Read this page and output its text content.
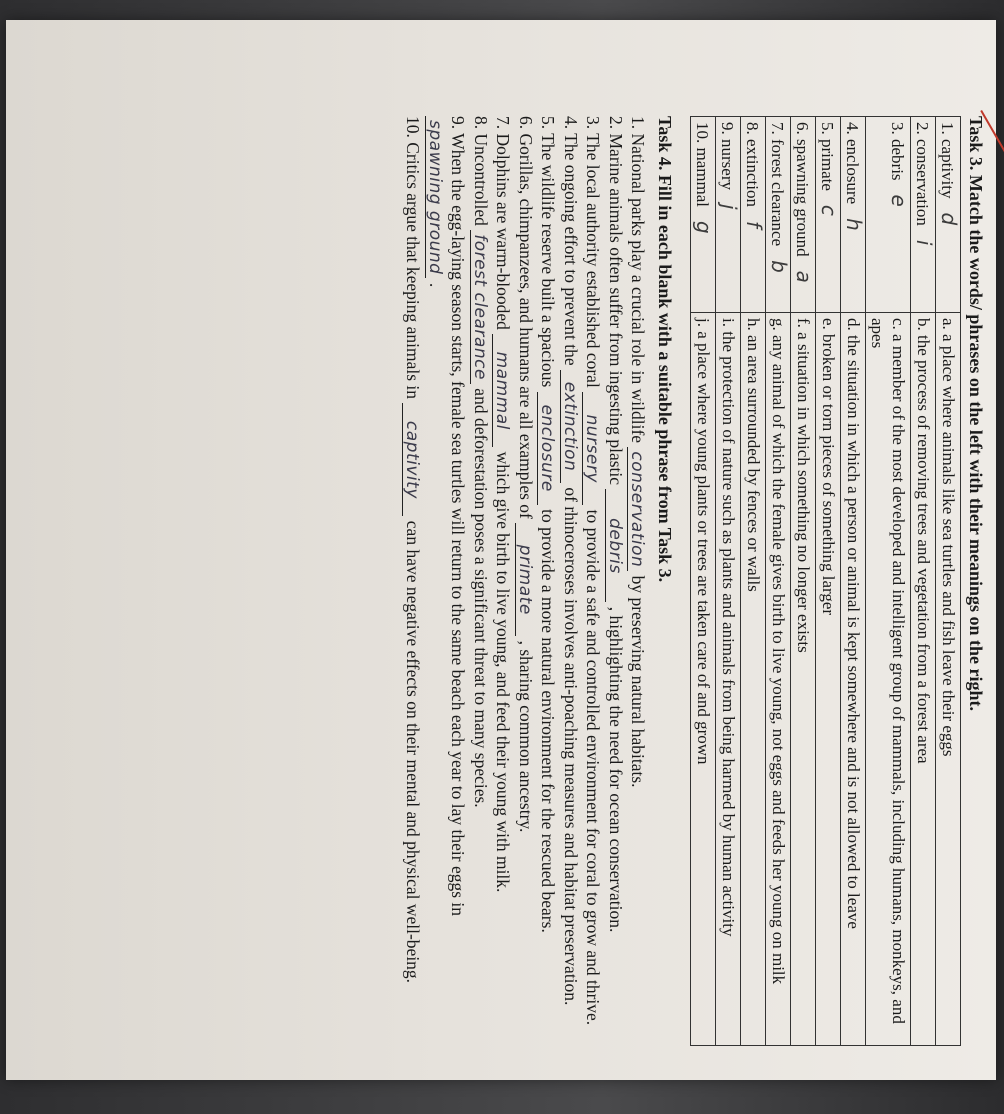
Task 3. Match the words/ phrases on the left with their meanings on the right.
1. captivityd	a. a place where animals like sea turtles and fish leave their eggs
2. conservationi	b. the process of removing trees and vegetation from a forest area
3. debrise	c. a member of the most developed and intelligent group of mammals, including humans, monkeys, and apes
4. enclosureh	d. the situation in which a person or animal is kept somewhere and is not allowed to leave
5. primatec	e. broken or torn pieces of something larger
6. spawning grounda	f. a situation in which something no longer exists
7. forest clearanceb	g. any animal of which the female gives birth to live young, not eggs and feeds her young on milk
8. extinctionf	h. an area surrounded by fences or walls
9. nurseryj	i. the protection of nature such as plants and animals from being harmed by human activity
10. mammalg	j. a place where young plants or trees are taken care of and grown
Task 4. Fill in each blank with a suitable phrase from Task 3.

1. National parks play a crucial role in wildlife conservation by preserving natural habitats.

2. Marine animals often suffer from ingesting plastic debris , highlighting the need for ocean conservation.

3. The local authority established coral nursery to provide a safe and controlled environment for coral to grow and thrive.

4. The ongoing effort to prevent the extinction of rhinoceroses involves anti-poaching measures and habitat preservation.

5. The wildlife reserve built a spacious enclosure to provide a more natural environment for the rescued bears.

6. Gorillas, chimpanzees, and humans are all examples of primate , sharing common ancestry.

7. Dolphins are warm-blooded mammal which give birth to live young, and feed their young with milk.

8. Uncontrolled forest clearance and deforestation poses a significant threat to many species.

9. When the egg-laying season starts, female sea turtles will return to the same beach each year to lay their eggs in spawning ground .

10. Critics argue that keeping animals in captivity can have negative effects on their mental and physical well-being.
